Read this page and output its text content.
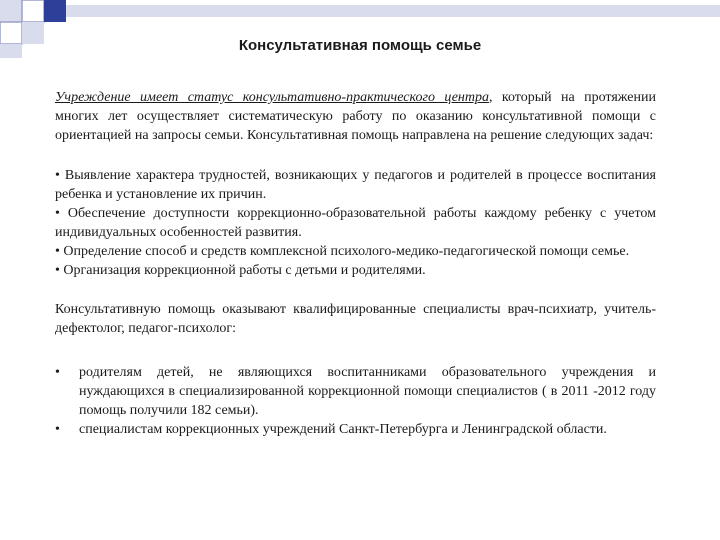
Консультативная помощь семье

Учреждение имеет статус консультативно-практического центра, который на протяжении многих лет осуществляет систематическую работу по оказанию консультативной помощи с ориентацией на запросы семьи. Консультативная помощь направлена на решение следующих задач:

• Выявление характера трудностей, возникающих у педагогов и родителей в процессе воспитания ребенка и установление их причин.

• Обеспечение доступности коррекционно-образовательной работы каждому ребенку с учетом индивидуальных особенностей развития.

• Определение способ и средств комплексной психолого-медико-педагогической помощи семье.

• Организация коррекционной работы с детьми и родителями.

Консультативную помощь оказывают квалифицированные специалисты врач-психиатр, учитель-дефектолог, педагог-психолог:

• родителям детей, не являющихся воспитанниками образовательного учреждения и нуждающихся в специализированной коррекционной помощи специалистов ( в 2011 -2012 году помощь получили 182 семьи).
• специалистам коррекционных учреждений Санкт-Петербурга и Ленинградской области.
